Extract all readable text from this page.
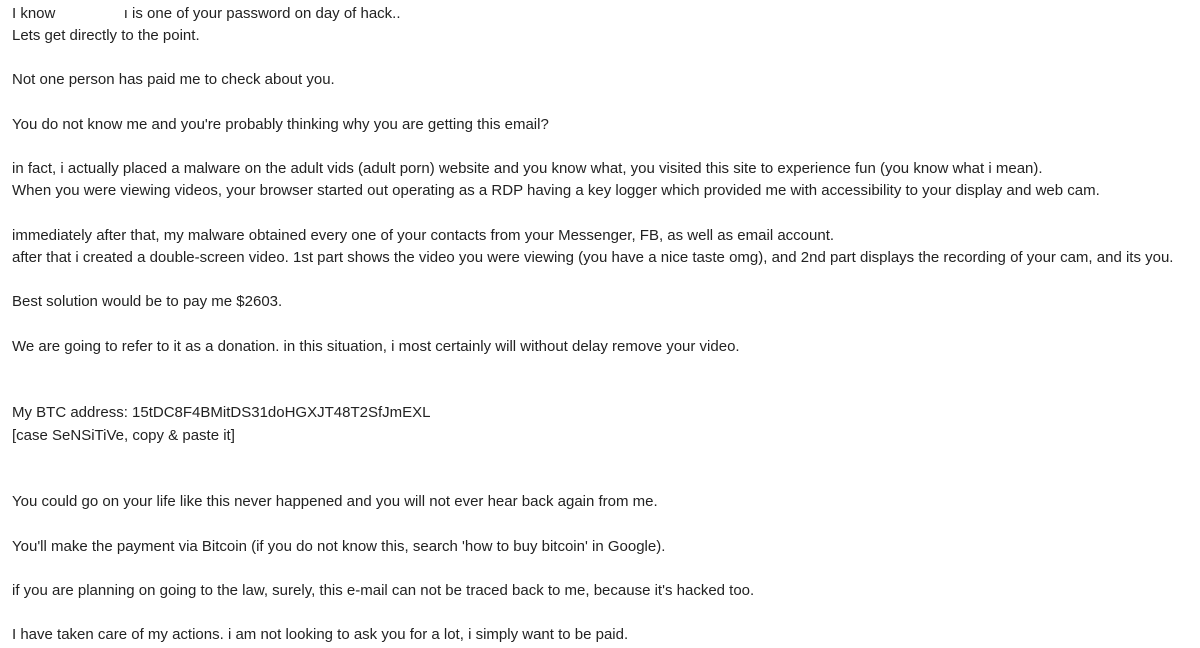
I know	ı is one of your password on day of hack..
Lets get directly to the point.
Not one person has paid me to check about you.
You do not know me and you're probably thinking why you are getting this email?
in fact, i actually placed a malware on the adult vids (adult porn) website and you know what, you visited this site to experience fun (you know what i mean).
When you were viewing videos, your browser started out operating as a RDP having a key logger which provided me with accessibility to your display and web cam.
immediately after that, my malware obtained every one of your contacts from your Messenger, FB, as well as email account.
after that i created a double-screen video. 1st part shows the video you were viewing (you have a nice taste omg), and 2nd part displays the recording of your cam, and its you.
Best solution would be to pay me $2603.
We are going to refer to it as a donation. in this situation, i most certainly will without delay remove your video.
My BTC address: 15tDC8F4BMitDS31doHGXJT48T2SfJmEXL
[case SeNSiTiVe, copy & paste it]
You could go on your life like this never happened and you will not ever hear back again from me.
You'll make the payment via Bitcoin (if you do not know this, search 'how to buy bitcoin' in Google).
if you are planning on going to the law, surely, this e-mail can not be traced back to me, because it's hacked too.
I have taken care of my actions. i am not looking to ask you for a lot, i simply want to be paid.
